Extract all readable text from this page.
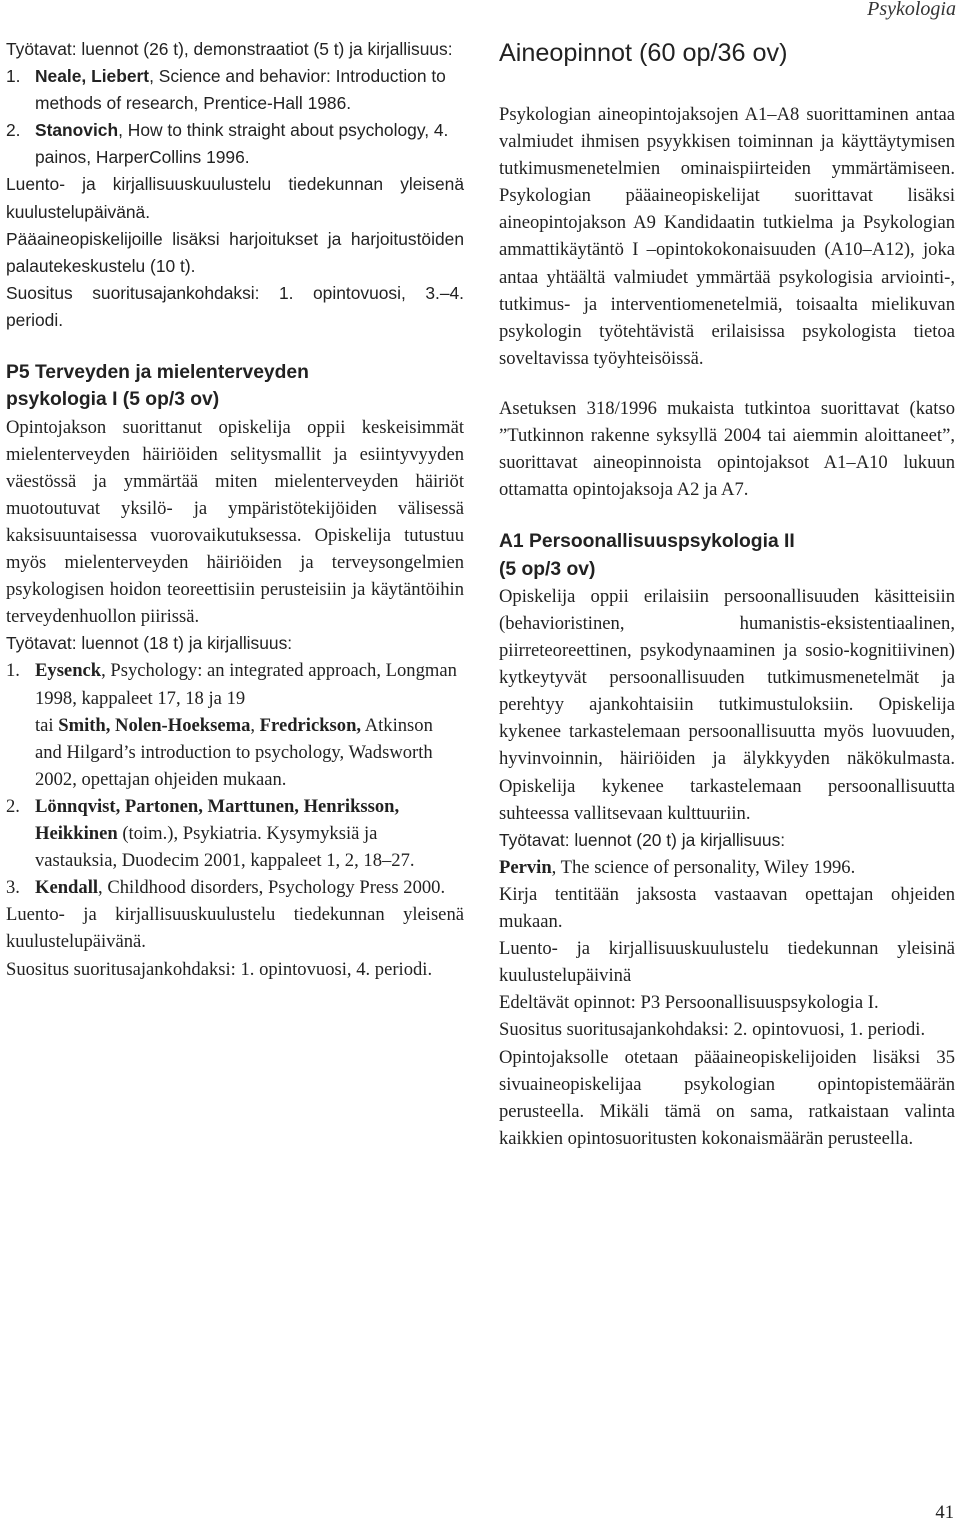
Psykologia

Työtavat: luennot (26 t), demonstraatiot (5 t) ja kirjallisuus:

1. Neale, Liebert, Science and behavior: Introduction to methods of research, Prentice-Hall 1986.
2. Stanovich, How to think straight about psychology, 4. painos, HarperCollins 1996.

Luento- ja kirjallisuuskuulustelu tiedekunnan yleisenä kuulustelupäivänä.

Pääaineopiskelijoille lisäksi harjoitukset ja harjoitustöiden palautekeskustelu (10 t).

Suositus suoritusajankohdaksi: 1. opintovuosi, 3.–4. periodi.

P5 Terveyden ja mielenterveyden
psykologia I (5 op/3 ov)

Opintojakson suorittanut opiskelija oppii keskeisimmät mielenterveyden häiriöiden selitysmallit ja esiintyvyyden väestössä ja ymmärtää miten mielenterveyden häiriöt muotoutuvat yksilö- ja ympäristötekijöiden välisessä kaksisuuntaisessa vuorovaikutuksessa. Opiskelija tutustuu myös mielenterveyden häiriöiden ja terveysongelmien psykologisen hoidon teoreettisiin perusteisiin ja käytäntöihin terveydenhuollon piirissä.

Työtavat: luennot (18 t) ja kirjallisuus:

1. Eysenck, Psychology: an integrated approach, Longman 1998, kappaleet 17, 18 ja 19
tai Smith, Nolen-Hoeksema, Fredrickson, Atkinson and Hilgard’s introduction to psychology, Wadsworth 2002, opettajan ohjeiden mukaan.
2. Lönnqvist, Partonen, Marttunen, Henriksson, Heikkinen (toim.), Psykiatria. Kysymyksiä ja vastauksia, Duodecim 2001, kappaleet 1, 2, 18–27.
3. Kendall, Childhood disorders, Psychology Press 2000.

Luento- ja kirjallisuuskuulustelu tiedekunnan yleisenä kuulustelupäivänä.

Suositus suoritusajankohdaksi: 1. opintovuosi, 4. periodi.

Aineopinnot (60 op/36 ov)

Psykologian aineopintojaksojen A1–A8 suorittaminen antaa valmiudet ihmisen psyykkisen toiminnan ja käyttäytymisen tutkimusmenetelmien ominaispiirteiden ymmärtämiseen. Psykologian pääaineopiskelijat suorittavat lisäksi aineopintojakson A9 Kandidaatin tutkielma ja Psykologian ammattikäytäntö I –opintokokonaisuuden (A10–A12), joka antaa yhtäältä valmiudet ymmärtää psykologisia arviointi-, tutkimus- ja interventiomenetelmiä, toisaalta mielikuvan psykologin työtehtävistä erilaisissa psykologista tietoa soveltavissa työyhteisöissä.

Asetuksen 318/1996 mukaista tutkintoa suorittavat (katso ”Tutkinnon rakenne syksyllä 2004 tai aiemmin aloittaneet”, suorittavat aineopinnoista opintojaksot A1–A10 lukuun ottamatta opintojaksoja A2 ja A7.

A1 Persoonallisuuspsykologia II
(5 op/3 ov)

Opiskelija oppii erilaisiin persoonallisuuden käsitteisiin (behavioristinen, humanistis-eksistentiaalinen, piirreteoreettinen, psykodynaaminen ja sosio-kognitiivinen) kytkeytyvät persoonallisuuden tutkimusmenetelmät ja perehtyy ajankohtaisiin tutkimustuloksiin. Opiskelija kykenee tarkastelemaan persoonallisuutta myös luovuuden, hyvinvoinnin, häiriöiden ja älykkyyden näkökulmasta. Opiskelija kykenee tarkastelemaan persoonallisuutta suhteessa vallitsevaan kulttuuriin.

Työtavat: luennot (20 t) ja kirjallisuus:

Pervin, The science of personality, Wiley 1996.

Kirja tentitään jaksosta vastaavan opettajan ohjeiden mukaan.

Luento- ja kirjallisuuskuulustelu tiedekunnan yleisinä kuulustelupäivinä

Edeltävät opinnot: P3 Persoonallisuuspsykologia I.

Suositus suoritusajankohdaksi: 2. opintovuosi, 1. periodi.

Opintojaksolle otetaan pääaineopiskelijoiden lisäksi 35 sivuaineopiskelijaa psykologian opintopistemäärän perusteella. Mikäli tämä on sama, ratkaistaan valinta kaikkien opintosuoritusten kokonaismäärän perusteella.

41
